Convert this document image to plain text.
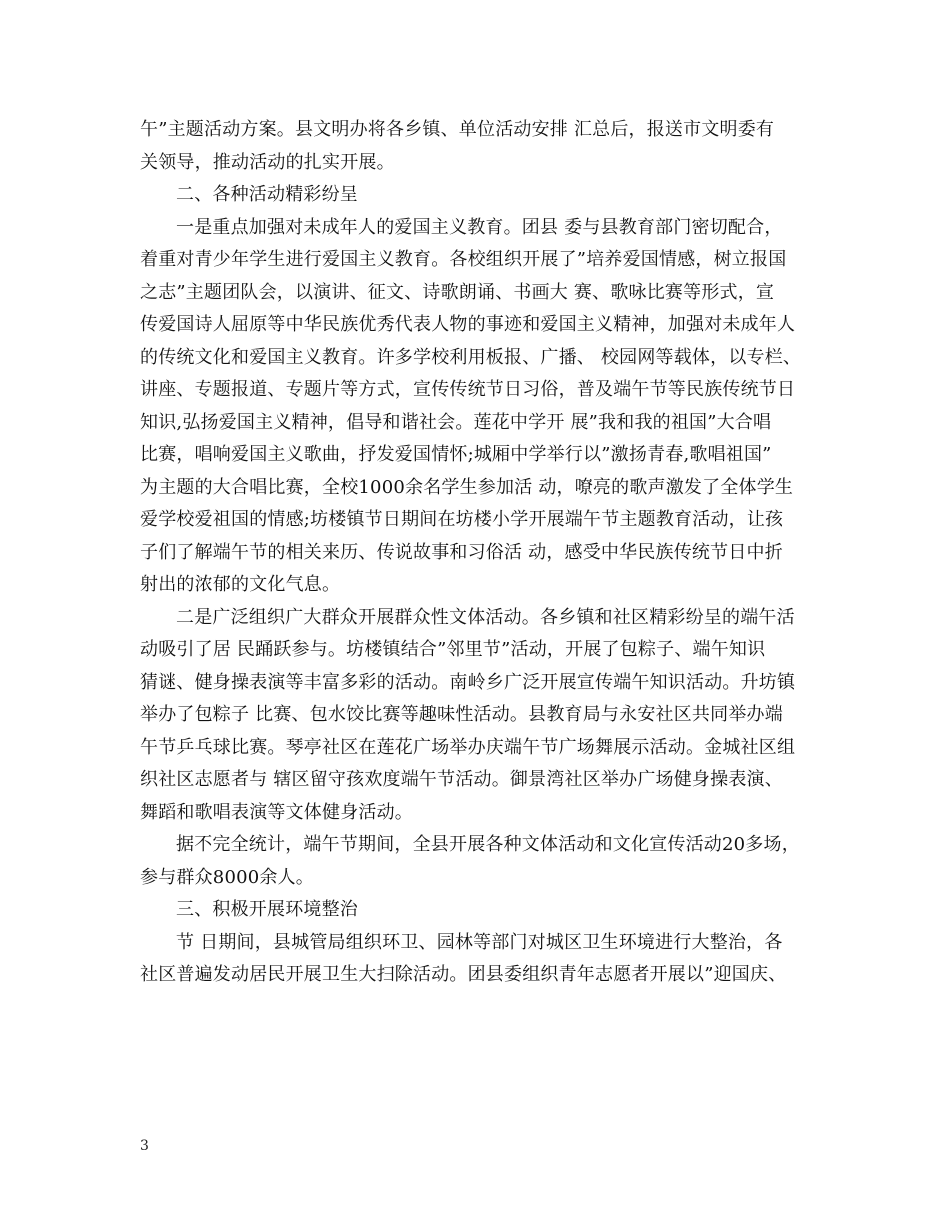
午”主题活动方案。县文明办将各乡镇、单位活动安排 汇总后，报送市文明委有
关领导，推动活动的扎实开展。

二、各种活动精彩纷呈

一是重点加强对未成年人的爱国主义教育。团县 委与县教育部门密切配合，
着重对青少年学生进行爱国主义教育。各校组织开展了”培养爱国情感，树立报国
之志”主题团队会，以演讲、征文、诗歌朗诵、书画大 赛、歌咏比赛等形式，宣
传爱国诗人屈原等中华民族优秀代表人物的事迹和爱国主义精神，加强对未成年人
的传统文化和爱国主义教育。许多学校利用板报、广播、 校园网等载体，以专栏、
讲座、专题报道、专题片等方式，宣传传统节日习俗，普及端午节等民族传统节日
知识,弘扬爱国主义精神，倡导和谐社会。莲花中学开 展”我和我的祖国”大合唱
比赛，唱响爱国主义歌曲，抒发爱国情怀;城厢中学举行以”激扬青春,歌唱祖国”
为主题的大合唱比赛，全校1000余名学生参加活 动，嘹亮的歌声激发了全体学生
爱学校爱祖国的情感;坊楼镇节日期间在坊楼小学开展端午节主题教育活动，让孩
子们了解端午节的相关来历、传说故事和习俗活 动，感受中华民族传统节日中折
射出的浓郁的文化气息。

二是广泛组织广大群众开展群众性文体活动。各乡镇和社区精彩纷呈的端午活
动吸引了居 民踊跃参与。坊楼镇结合”邻里节”活动，开展了包粽子、端午知识
猜谜、健身操表演等丰富多彩的活动。南岭乡广泛开展宣传端午知识活动。升坊镇
举办了包粽子 比赛、包水饺比赛等趣味性活动。县教育局与永安社区共同举办端
午节乒乓球比赛。琴亭社区在莲花广场举办庆端午节广场舞展示活动。金城社区组
织社区志愿者与 辖区留守孩欢度端午节活动。御景湾社区举办广场健身操表演、
舞蹈和歌唱表演等文体健身活动。

据不完全统计，端午节期间，全县开展各种文体活动和文化宣传活动20多场，
参与群众8000余人。

三、积极开展环境整治

节 日期间，县城管局组织环卫、园林等部门对城区卫生环境进行大整治，各
社区普遍发动居民开展卫生大扫除活动。团县委组织青年志愿者开展以”迎国庆、

3
